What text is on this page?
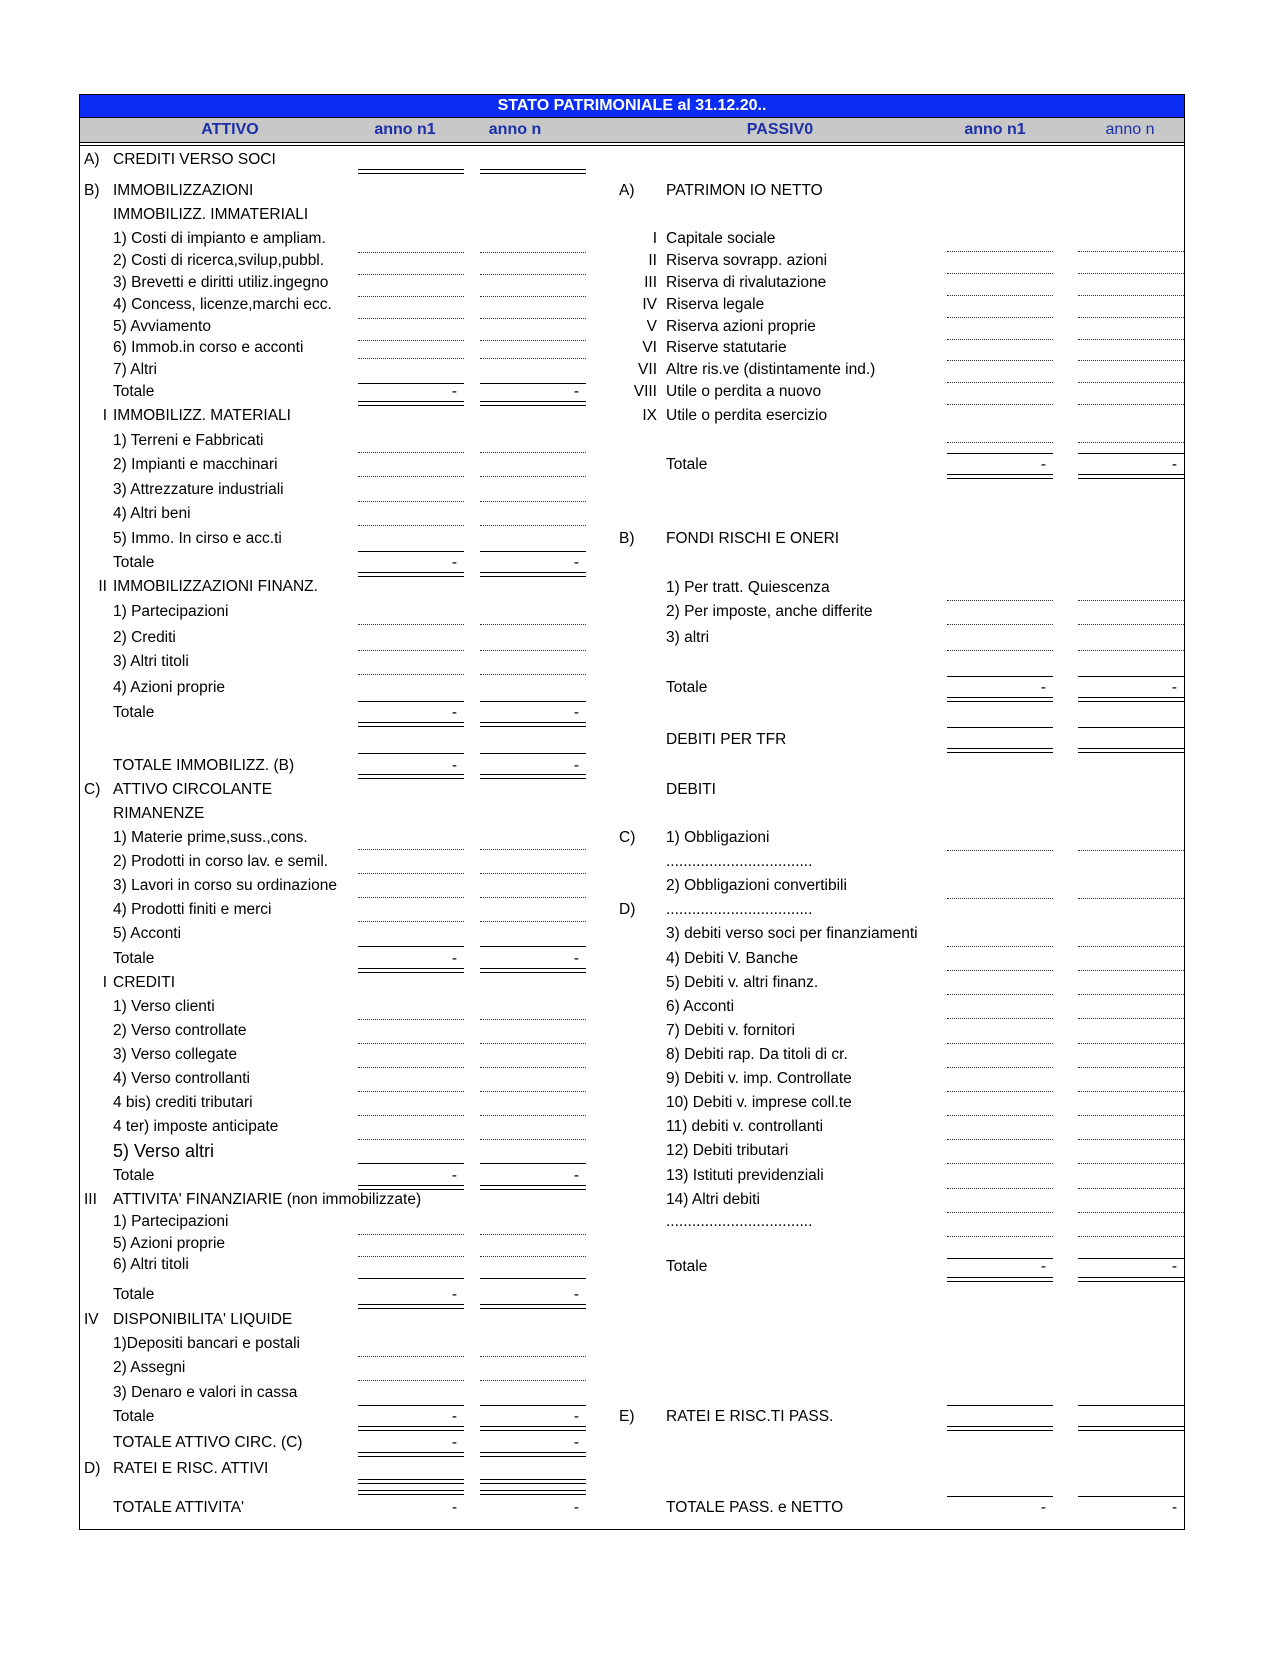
STATO PATRIMONIALE al 31.12.20..
ATTIVO	anno n1	anno n	PASSIV0	anno n1	anno n
A) CREDITI VERSO SOCI
B) IMMOBILIZZAZIONI
IMMOBILIZZ. IMMATERIALI
1) Costi di impianto e ampliam.
2) Costi di ricerca,svilup,pubbl.
3) Brevetti e diritti utiliz.ingegno
4) Concess, licenze,marchi ecc.
5) Avviamento
6) Immob.in corso e acconti
7) Altri
Totale	-	-
I IMMOBILIZZ. MATERIALI
1) Terreni e Fabbricati
2) Impianti e macchinari
3) Attrezzature industriali
4) Altri beni
5) Immo. In cirso e acc.ti
Totale	-	-
II IMMOBILIZZAZIONI FINANZ.
1) Partecipazioni
2) Crediti
3) Altri titoli
4) Azioni proprie
Totale	-	-
TOTALE IMMOBILIZZ. (B)	-	-
C) ATTIVO CIRCOLANTE
RIMANENZE
1) Materie prime,suss.,cons.
2) Prodotti in corso lav. e semil.
3) Lavori in corso su ordinazione
4) Prodotti finiti e merci
5) Acconti
Totale	-	-
I CREDITI
1) Verso clienti
2) Verso controllate
3) Verso collegate
4) Verso controllanti
4 bis) crediti tributari
4 ter) imposte anticipate
5) Verso altri
Totale	-	-
III ATTIVITA' FINANZIARIE (non immobilizzate)
1) Partecipazioni
5) Azioni proprie
6) Altri titoli
Totale	-	-
IV DISPONIBILITA' LIQUIDE
1)Depositi bancari e postali
2) Assegni
3) Denaro e valori in cassa
Totale	-	-
TOTALE ATTIVO CIRC. (C)	-	-
D) RATEI E RISC. ATTIVI
TOTALE ATTIVITA'	-	-
A) PATRIMON IO NETTO
I Capitale sociale
II Riserva sovrapp. azioni
III Riserva di rivalutazione
IV Riserva legale
V Riserva azioni proprie
VI Riserve statutarie
VII Altre ris.ve (distintamente ind.)
VIII Utile o perdita a nuovo
IX Utile o perdita esercizio
Totale	-	-
B) FONDI RISCHI E ONERI
1) Per tratt. Quiescenza
2) Per imposte, anche differite
3) altri
Totale	-	-
DEBITI PER TFR
DEBITI
C)
D)
1) Obbligazioni
..................................
2) Obbligazioni convertibili
..................................
3) debiti verso soci per finanziamenti
4) Debiti V. Banche
5) Debiti v. altri finanz.
6) Acconti
7) Debiti v. fornitori
8) Debiti rap. Da titoli di cr.
9) Debiti v. imp. Controllate
10) Debiti v. imprese coll.te
11) debiti v. controllanti
12) Debiti tributari
13) Istituti previdenziali
14) Altri debiti
..................................
Totale	-	-
E) RATEI E RISC.TI PASS.
TOTALE PASS. e NETTO	-	-
